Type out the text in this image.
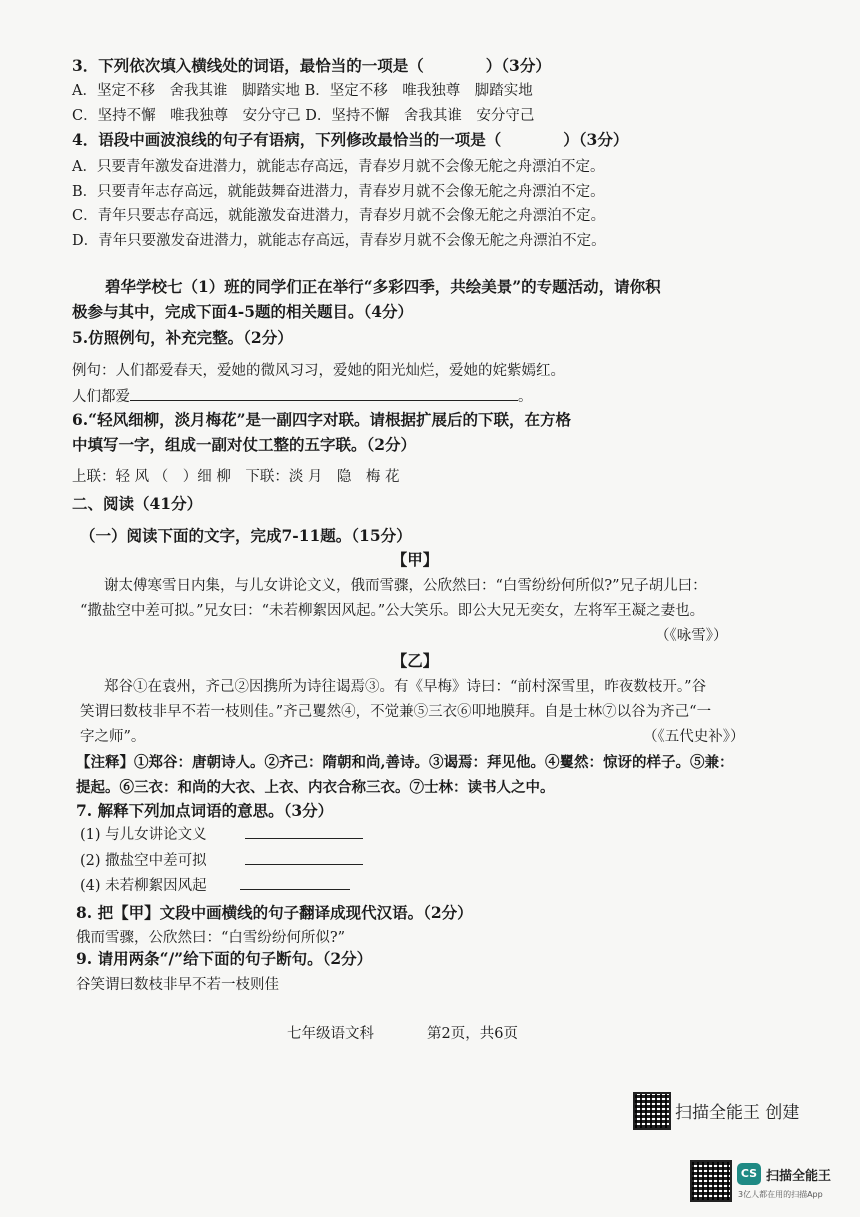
3．下列依次填入横线处的词语，最恰当的一项是（　　　　）（3分）
A．坚定不移　舍我其谁　脚踏实地 B．坚定不移　唯我独尊　脚踏实地
C．坚持不懈　唯我独尊　安分守己 D．坚持不懈　舍我其谁　安分守己
4．语段中画波浪线的句子有语病，下列修改最恰当的一项是（　　　　）（3分）
A．只要青年激发奋进潜力，就能志存高远，青春岁月就不会像无舵之舟漂泊不定。
B．只要青年志存高远，就能鼓舞奋进潜力，青春岁月就不会像无舵之舟漂泊不定。
C．青年只要志存高远，就能激发奋进潜力，青春岁月就不会像无舵之舟漂泊不定。
D．青年只要激发奋进潜力，就能志存高远，青春岁月就不会像无舵之舟漂泊不定。
碧华学校七（1）班的同学们正在举行“多彩四季，共绘美景”的专题活动，请你积
极参与其中，完成下面4-5题的相关题目。（4分）
5.仿照例句，补充完整。（2分）
例句：人们都爱春天，爱她的微风习习，爱她的阳光灿烂，爱她的姹紫嫣红。
人们都爱	。
6.“轻风细柳，淡月梅花”是一副四字对联。请根据扩展后的下联，在方格
中填写一字，组成一副对仗工整的五字联。（2分）
上联：轻 风 （　）细 柳　下联：淡 月　隐　梅 花
二、阅读（41分）
（一）阅读下面的文字，完成7-11题。（15分）
【甲】
谢太傅寒雪日内集，与儿女讲论文义，俄而雪骤，公欣然曰：“白雪纷纷何所似?”兄子胡儿曰：
“撒盐空中差可拟。”兄女曰：“未若柳絮因风起。”公大笑乐。即公大兄无奕女，左将军王凝之妻也。
（《咏雪》）
【乙】
郑谷①在袁州，齐己②因携所为诗往谒焉③。有《早梅》诗曰：“前村深雪里，昨夜数枝开。”谷
笑谓曰数枝非早不若一枝则佳。”齐己矍然④，不觉兼⑤三衣⑥叩地膜拜。自是士林⑦以谷为齐己“一
字之师”。	（《五代史补》）
【注释】①郑谷：唐朝诗人。②齐己：隋朝和尚,善诗。③谒焉：拜见他。④矍然：惊讶的样子。⑤兼：
提起。⑥三衣：和尚的大衣、上衣、内衣合称三衣。⑦士林：读书人之中。
7. 解释下列加点词语的意思。（3分）
(1) 与儿女讲论文义
(2) 撒盐空中差可拟
(4) 未若柳絮因风起
8. 把【甲】文段中画横线的句子翻译成现代汉语。（2分）
俄而雪骤，公欣然曰：“白雪纷纷何所似?”
9. 请用两条“/”给下面的句子断句。（2分）
谷笑谓曰数枝非早不若一枝则佳
七年级语文科	第2页，共6页
扫描全能王 创建
CS 扫描全能王
3亿人都在用的扫描App
